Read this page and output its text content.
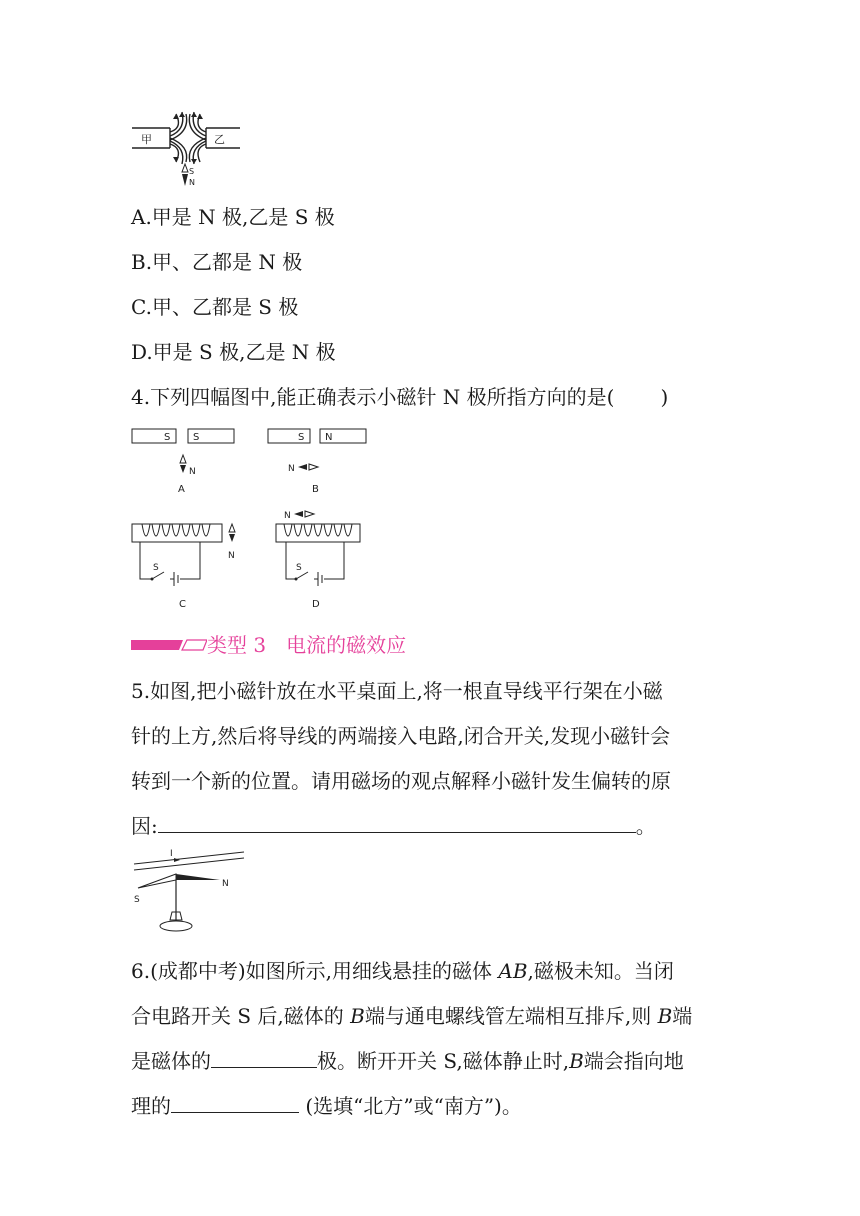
甲	乙
S
N
A.甲是 N 极,乙是 S 极
B.甲、乙都是 N 极
C.甲、乙都是 S 极
D.甲是 S 极,乙是 N 极
4.下列四幅图中,能正确表示小磁针 N 极所指方向的是( )
S S
N
A
S N
N
B
S
N
C
N
S
D
类型 3　电流的磁效应
5.如图,把小磁针放在水平桌面上,将一根直导线平行架在小磁
针的上方,然后将导线的两端接入电路,闭合开关,发现小磁针会
转到一个新的位置。请用磁场的观点解释小磁针发生偏转的原
因:	。
I
S
N
6.(成都中考)如图所示,用细线悬挂的磁体 AB,磁极未知。当闭
合电路开关 S 后,磁体的 B端与通电螺线管左端相互排斥,则 B端
是磁体的	极。断开开关 S,磁体静止时,B端会指向地
理的	(选填“北方”或“南方”)。
